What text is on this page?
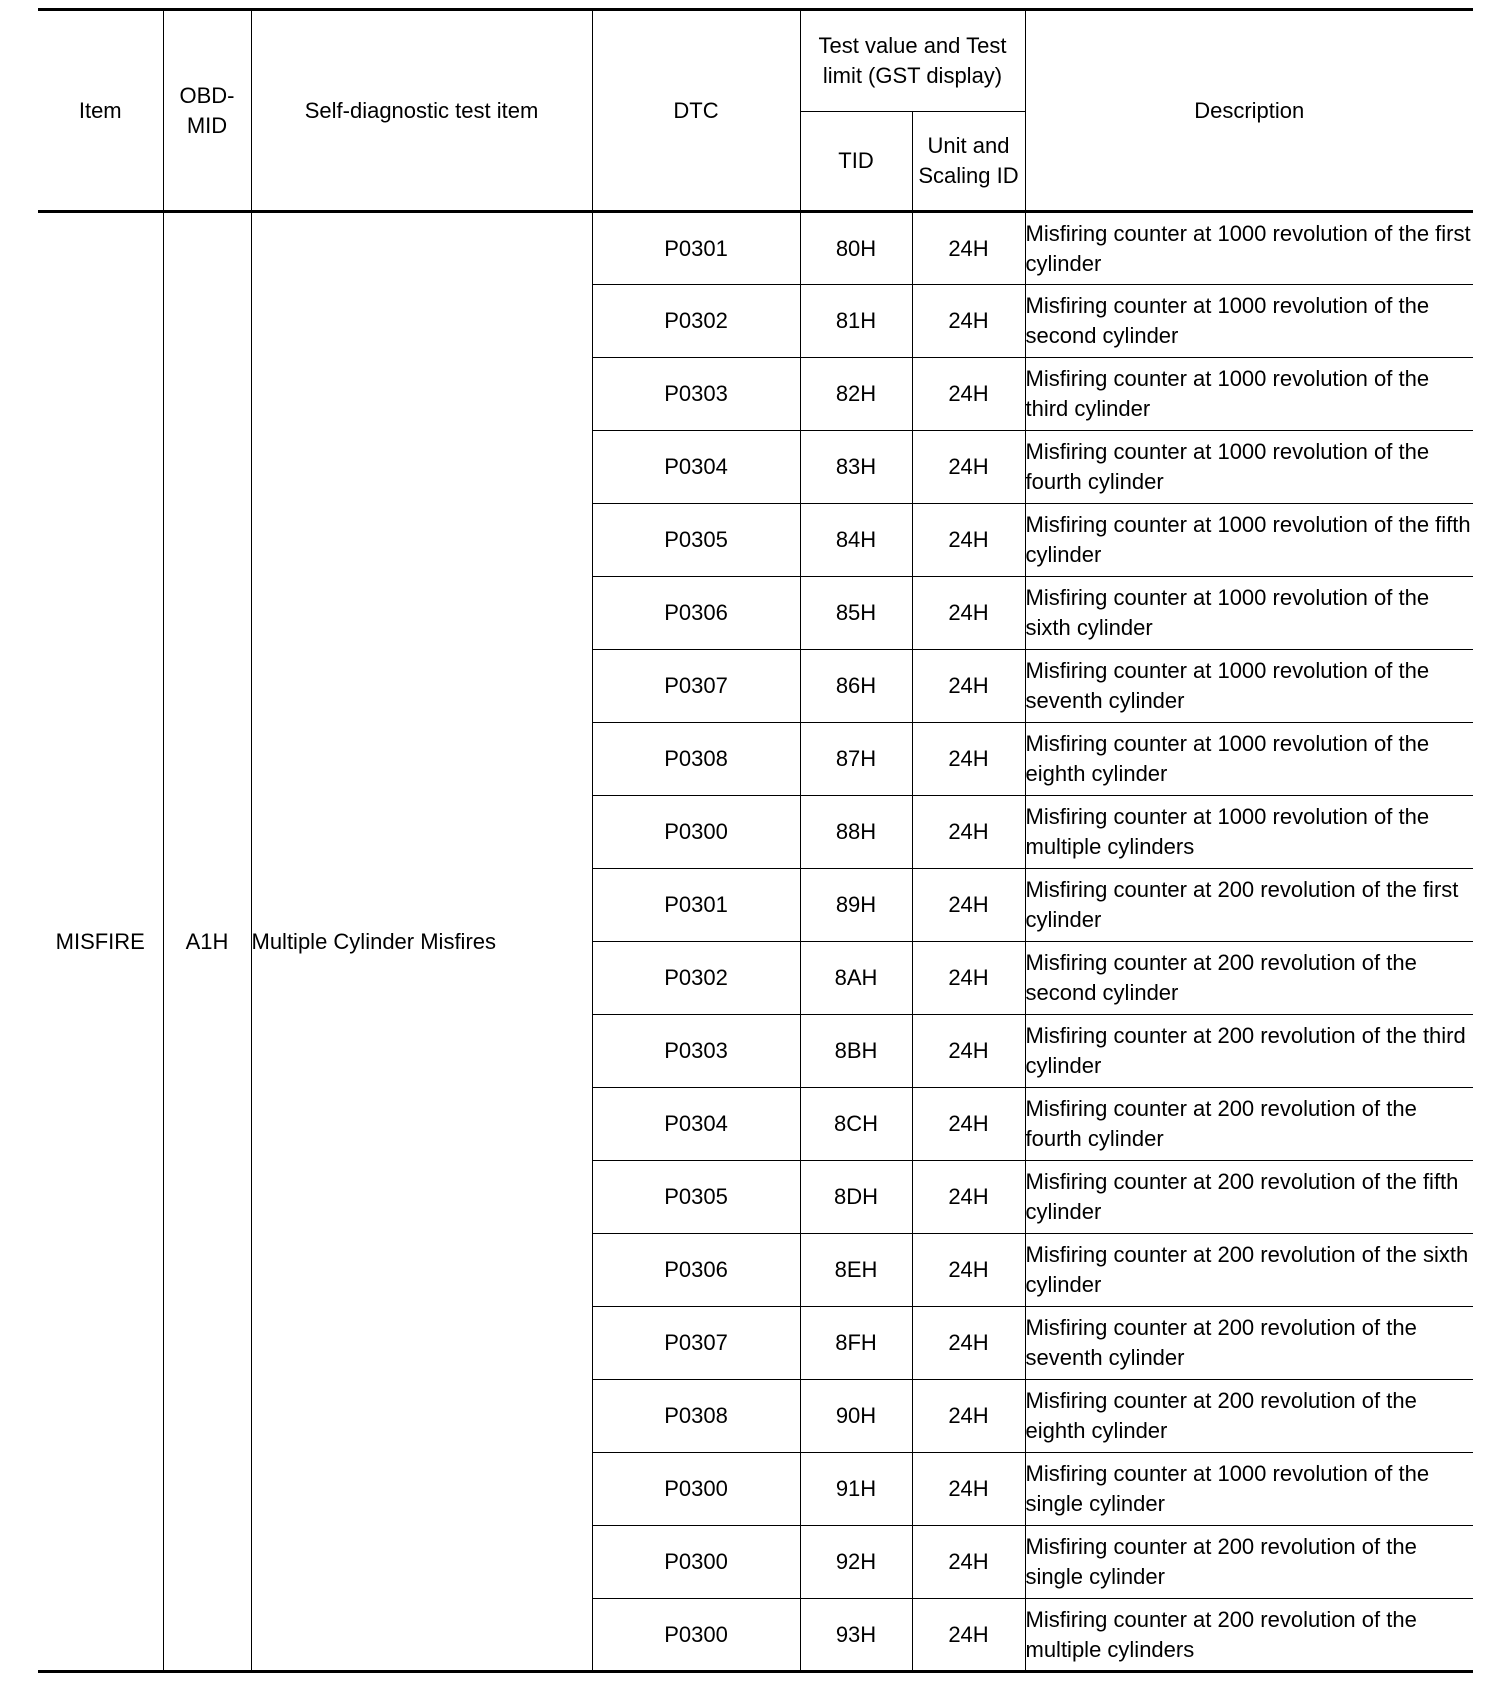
Item	OBD-MID	Self-diagnostic test item	DTC	Test value and Test limit (GST display)		Description
				TID	Unit and Scaling ID	
MISFIRE	A1H	Multiple Cylinder Misfires	P0301	80H	24H	Misfiring counter at 1000 revolution of the first cylinder
			P0302	81H	24H	Misfiring counter at 1000 revolution of the second cylinder
			P0303	82H	24H	Misfiring counter at 1000 revolution of the third cylinder
			P0304	83H	24H	Misfiring counter at 1000 revolution of the fourth cylinder
			P0305	84H	24H	Misfiring counter at 1000 revolution of the fifth cylinder
			P0306	85H	24H	Misfiring counter at 1000 revolution of the sixth cylinder
			P0307	86H	24H	Misfiring counter at 1000 revolution of the seventh cylinder
			P0308	87H	24H	Misfiring counter at 1000 revolution of the eighth cylinder
			P0300	88H	24H	Misfiring counter at 1000 revolution of the multiple cylinders
			P0301	89H	24H	Misfiring counter at 200 revolution of the first cylinder
			P0302	8AH	24H	Misfiring counter at 200 revolution of the second cylinder
			P0303	8BH	24H	Misfiring counter at 200 revolution of the third cylinder
			P0304	8CH	24H	Misfiring counter at 200 revolution of the fourth cylinder
			P0305	8DH	24H	Misfiring counter at 200 revolution of the fifth cylinder
			P0306	8EH	24H	Misfiring counter at 200 revolution of the sixth cylinder
			P0307	8FH	24H	Misfiring counter at 200 revolution of the seventh cylinder
			P0308	90H	24H	Misfiring counter at 200 revolution of the eighth cylinder
			P0300	91H	24H	Misfiring counter at 1000 revolution of the single cylinder
			P0300	92H	24H	Misfiring counter at 200 revolution of the single cylinder
			P0300	93H	24H	Misfiring counter at 200 revolution of the multiple cylinders
